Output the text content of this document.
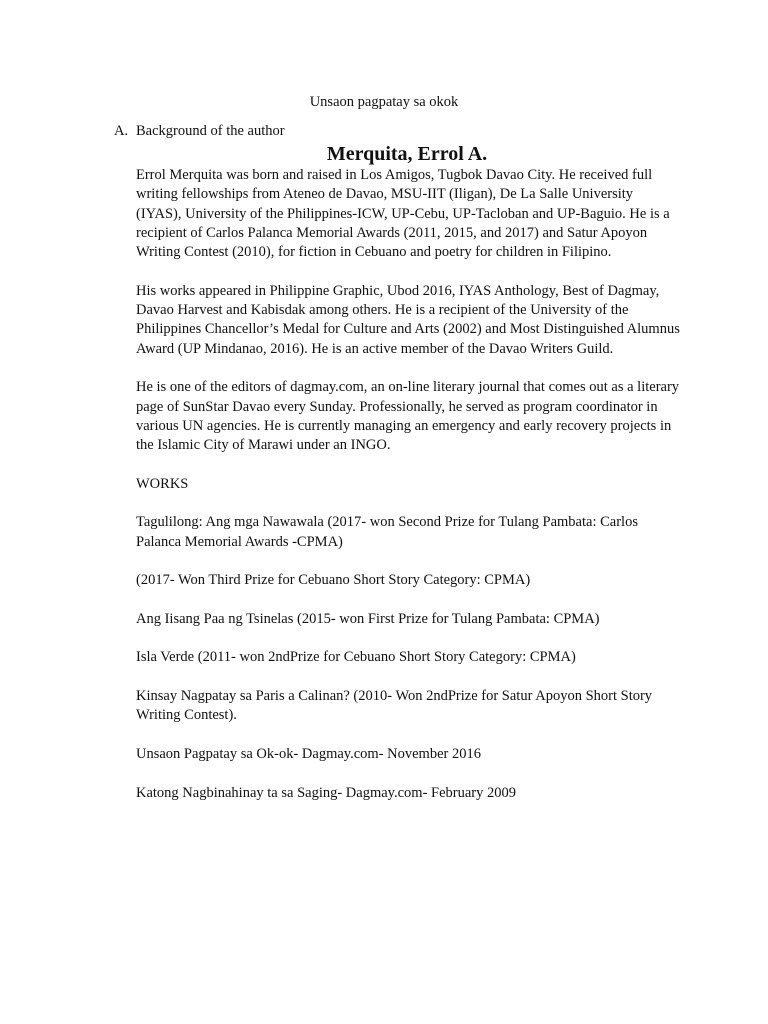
Unsaon pagpatay sa okok
A. Background of the author
Merquita, Errol A.

Errol Merquita was born and raised in Los Amigos, Tugbok Davao City. He received full writing fellowships from Ateneo de Davao, MSU-IIT (Iligan), De La Salle University (IYAS), University of the Philippines-ICW, UP-Cebu, UP-Tacloban and UP-Baguio. He is a recipient of Carlos Palanca Memorial Awards (2011, 2015, and 2017) and Satur Apoyon Writing Contest (2010), for fiction in Cebuano and poetry for children in Filipino.

His works appeared in Philippine Graphic, Ubod 2016, IYAS Anthology, Best of Dagmay, Davao Harvest and Kabisdak among others. He is a recipient of the University of the Philippines Chancellor’s Medal for Culture and Arts (2002) and Most Distinguished Alumnus Award (UP Mindanao, 2016). He is an active member of the Davao Writers Guild.

He is one of the editors of dagmay.com, an on-line literary journal that comes out as a literary page of SunStar Davao every Sunday. Professionally, he served as program coordinator in various UN agencies. He is currently managing an emergency and early recovery projects in the Islamic City of Marawi under an INGO.

WORKS

Tagulilong: Ang mga Nawawala (2017- won Second Prize for Tulang Pambata: Carlos Palanca Memorial Awards -CPMA)

(2017- Won Third Prize for Cebuano Short Story Category: CPMA)

Ang Iisang Paa ng Tsinelas (2015- won First Prize for Tulang Pambata: CPMA)

Isla Verde (2011- won 2ndPrize for Cebuano Short Story Category: CPMA)

Kinsay Nagpatay sa Paris a Calinan? (2010- Won 2ndPrize for Satur Apoyon Short Story Writing Contest).

Unsaon Pagpatay sa Ok-ok- Dagmay.com- November 2016

Katong Nagbinahinay ta sa Saging- Dagmay.com- February 2009
